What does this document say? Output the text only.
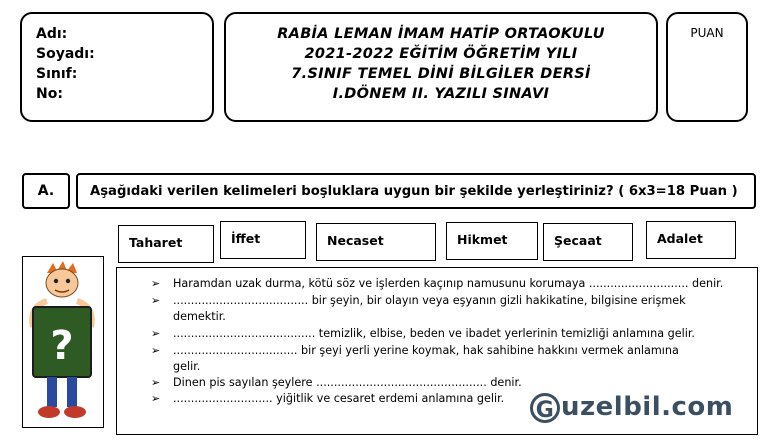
Adı:
Soyadı:
Sınıf:
No:
RABİA LEMAN İMAM HATİP ORTAOKULU
2021-2022 EĞİTİM ÖĞRETİM YILI
7.SINIF TEMEL DİNİ BİLGİLER DERSİ
I.DÖNEM II. YAZILI SINAVI
PUAN
A.	Aşağıdaki verilen kelimeleri boşluklara uygun bir şekilde yerleştiriniz? ( 6x3=18 Puan )
Taharet	İffet	Necaset	Hikmet	Şecaat	Adalet
?
➢ Haramdan uzak durma, kötü söz ve işlerden kaçınıp namusunu korumaya ............................ denir.
➢ ...................................... bir şeyin, bir olayın veya eşyanın gizli hakikatine, bilgisine erişmek
demektir.
➢ ........................................ temizlik, elbise, beden ve ibadet yerlerinin temizliği anlamına gelir.
➢ ................................... bir şeyi yerli yerine koymak, hak sahibine hakkını vermek anlamına
gelir.
➢ Dinen pis sayılan şeylere ................................................ denir.
➢ ............................ yiğitlik ve cesaret erdemi anlamına gelir. G uzelbil.com
